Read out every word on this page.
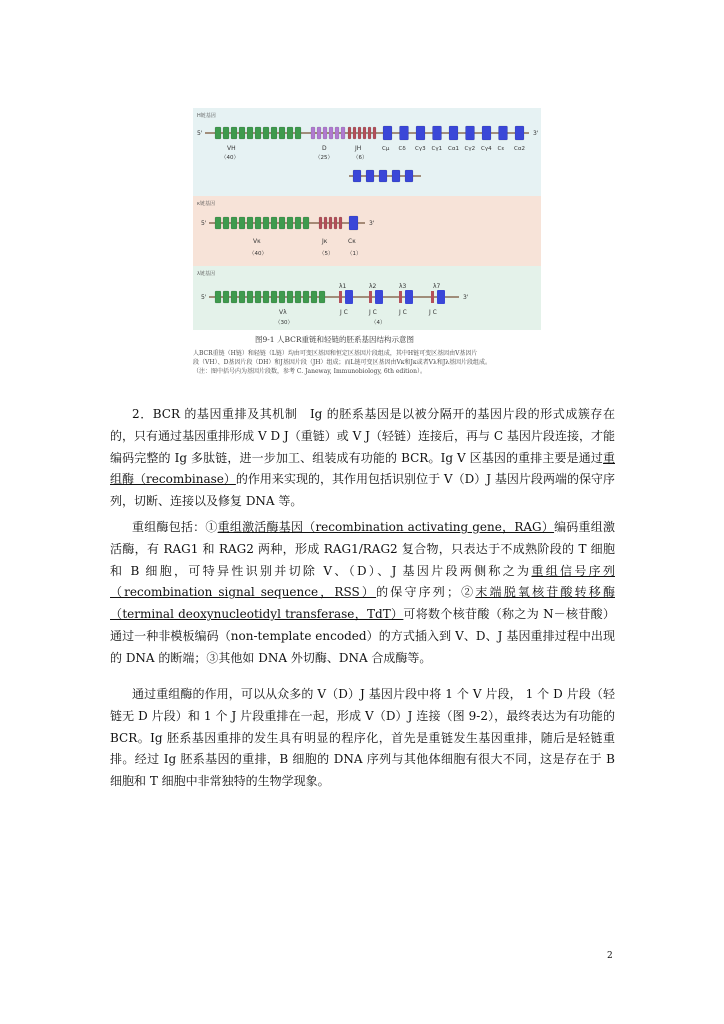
H链基因
5'	3'
VH
（40）
D
（25）
JH
（6）
Cμ Cδ Cγ3 Cγ1 Cα1 Cγ2 Cγ4 Cε Cα2
κ链基因
5'	3'
Vκ
（40）
Jκ
（5）
Cκ
（1）
λ链基因
5'	3'
Vλ
（30）
J C	J C	J C	J C
λ1	λ2	λ3	λ7
（4）
图9-1 人BCR重链和轻链的胚系基因结构示意图
人BCR重链（H链）和轻链（L链）均由可变区基因和恒定区基因片段组成，其中H链可变区基因由V基因片
段（VH）、D基因片段（DH）和J基因片段（JH）组成；而L链可变区基因由Vκ和Jκ或者Vλ和Jλ基因片段组成。
（注：图中括号内为基因片段数，参考 C. Janeway, Immunobiology, 6th edition）。
2．BCR 的基因重排及其机制　Ig 的胚系基因是以被分隔开的基因片段的形式成簇存在的，只有通过基因重排形成 V D J（重链）或 V J（轻链）连接后，再与 C 基因片段连接，才能编码完整的 Ig 多肽链，进一步加工、组装成有功能的 BCR。Ig V 区基因的重排主要是通过重组酶（recombinase）的作用来实现的，其作用包括识别位于 V（D）J 基因片段两端的保守序列，切断、连接以及修复 DNA 等。
重组酶包括：①重组激活酶基因（recombination activating gene，RAG）编码重组激活酶，有 RAG1 和 RAG2 两种，形成 RAG1/RAG2 复合物，只表达于不成熟阶段的 T 细胞和 B 细胞，可特异性识别并切除 V、（D）、J 基因片段两侧称之为重组信号序列（recombination signal sequence，RSS）的保守序列；②末端脱氧核苷酸转移酶（terminal deoxynucleotidyl transferase，TdT）可将数个核苷酸（称之为 N－核苷酸）通过一种非模板编码（non-template encoded）的方式插入到 V、D、J 基因重排过程中出现的 DNA 的断端；③其他如 DNA 外切酶、DNA 合成酶等。
通过重组酶的作用，可以从众多的 V（D）J 基因片段中将 1 个 V 片段， 1 个 D 片段（轻链无 D 片段）和 1 个 J 片段重排在一起，形成 V（D）J 连接（图 9-2），最终表达为有功能的 BCR。Ig 胚系基因重排的发生具有明显的程序化，首先是重链发生基因重排，随后是轻链重排。经过 Ig 胚系基因的重排，B 细胞的 DNA 序列与其他体细胞有很大不同，这是存在于 B 细胞和 T 细胞中非常独特的生物学现象。
2
